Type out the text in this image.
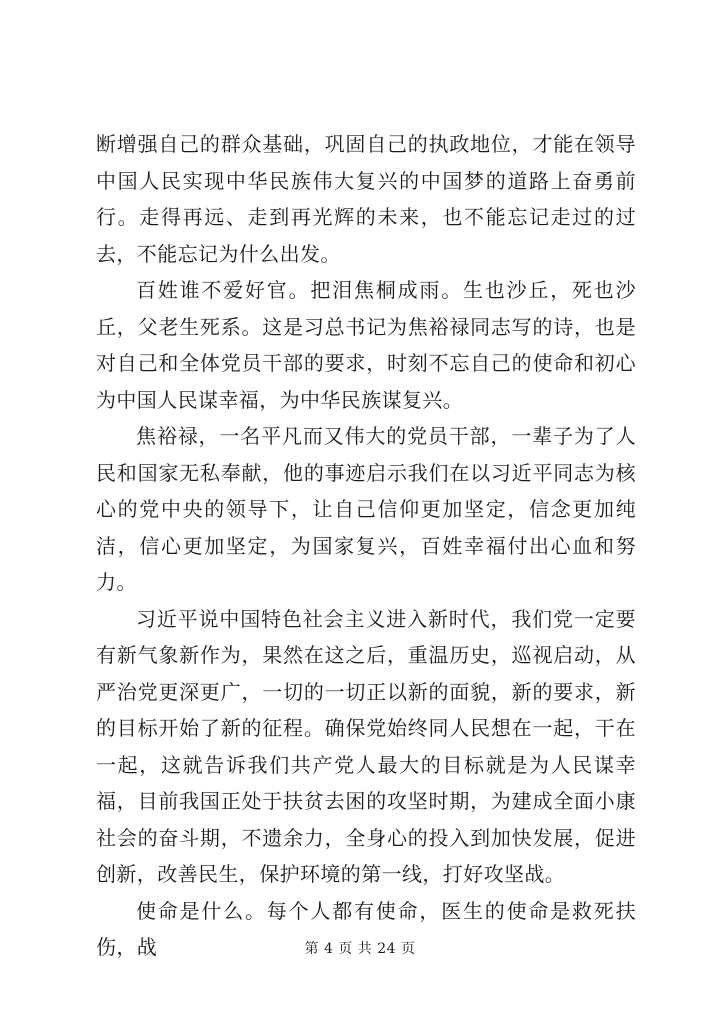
断增强自己的群众基础，巩固自己的执政地位，才能在领导中国人民实现中华民族伟大复兴的中国梦的道路上奋勇前行。走得再远、走到再光辉的未来，也不能忘记走过的过去，不能忘记为什么出发。

百姓谁不爱好官。把泪焦桐成雨。生也沙丘，死也沙丘，父老生死系。这是习总书记为焦裕禄同志写的诗，也是对自己和全体党员干部的要求，时刻不忘自己的使命和初心为中国人民谋幸福，为中华民族谋复兴。

焦裕禄，一名平凡而又伟大的党员干部，一辈子为了人民和国家无私奉献，他的事迹启示我们在以习近平同志为核心的党中央的领导下，让自己信仰更加坚定，信念更加纯洁，信心更加坚定，为国家复兴，百姓幸福付出心血和努力。

习近平说中国特色社会主义进入新时代，我们党一定要有新气象新作为，果然在这之后，重温历史，巡视启动，从严治党更深更广，一切的一切正以新的面貌，新的要求，新的目标开始了新的征程。确保党始终同人民想在一起，干在一起，这就告诉我们共产党人最大的目标就是为人民谋幸福，目前我国正处于扶贫去困的攻坚时期，为建成全面小康社会的奋斗期，不遗余力，全身心的投入到加快发展，促进创新，改善民生，保护环境的第一线，打好攻坚战。

使命是什么。每个人都有使命，医生的使命是救死扶伤，战	第 4 页 共 24 页
